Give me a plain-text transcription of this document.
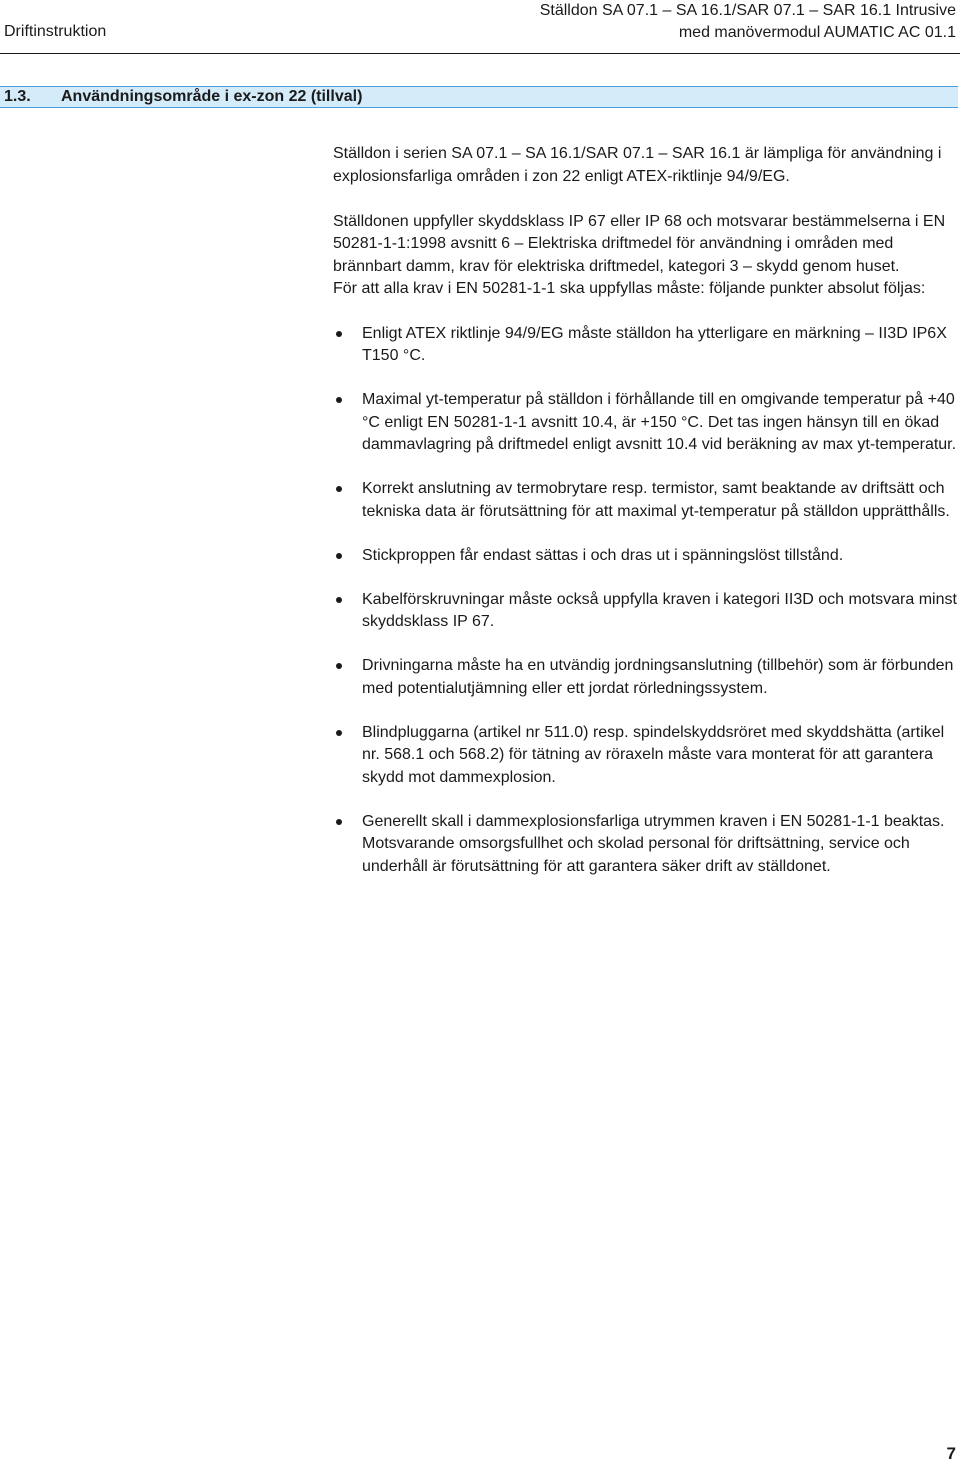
Driftinstruktion
Ställdon SA 07.1 – SA 16.1/SAR 07.1 – SAR 16.1 Intrusive
med manövermodul AUMATIC AC 01.1
1.3. Användningsområde i ex-zon 22 (tillval)

Ställdon i serien SA 07.1 – SA 16.1/SAR 07.1 – SAR 16.1 är lämpliga för användning i explosionsfarliga områden i zon 22 enligt ATEX-riktlinje 94/9/EG.

Ställdonen uppfyller skyddsklass IP 67 eller IP 68 och motsvarar bestämmelserna i EN 50281-1-1:1998 avsnitt 6 – Elektriska driftmedel för användning i områden med brännbart damm, krav för elektriska driftmedel, kategori 3 – skydd genom huset.

För att alla krav i EN 50281-1-1 ska uppfyllas måste: följande punkter absolut följas:

Enligt ATEX riktlinje 94/9/EG måste ställdon ha ytterligare en märkning – II3D IP6X T150 °C.
Maximal yt-temperatur på ställdon i förhållande till en omgivande temperatur på +40 °C enligt EN 50281-1-1 avsnitt 10.4, är +150 °C. Det tas ingen hänsyn till en ökad dammavlagring på driftmedel enligt avsnitt 10.4 vid beräkning av max yt-temperatur.
Korrekt anslutning av termobrytare resp. termistor, samt beaktande av driftsätt och tekniska data är förutsättning för att maximal yt-temperatur på ställdon upprätthålls.
Stickproppen får endast sättas i och dras ut i spänningslöst tillstånd.
Kabelförskruvningar måste också uppfylla kraven i kategori II3D och motsvara minst skyddsklass IP 67.
Drivningarna måste ha en utvändig jordningsanslutning (tillbehör) som är förbunden med potentialutjämning eller ett jordat rörledningssystem.
Blindpluggarna (artikel nr 511.0) resp. spindelskyddsröret med skyddshätta (artikel nr. 568.1 och 568.2) för tätning av röraxeln måste vara monterat för att garantera skydd mot dammexplosion.
Generellt skall i dammexplosionsfarliga utrymmen kraven i EN 50281-1-1 beaktas. Motsvarande omsorgsfullhet och skolad personal för driftsättning, service och underhåll är förutsättning för att garantera säker drift av ställdonet.
7
